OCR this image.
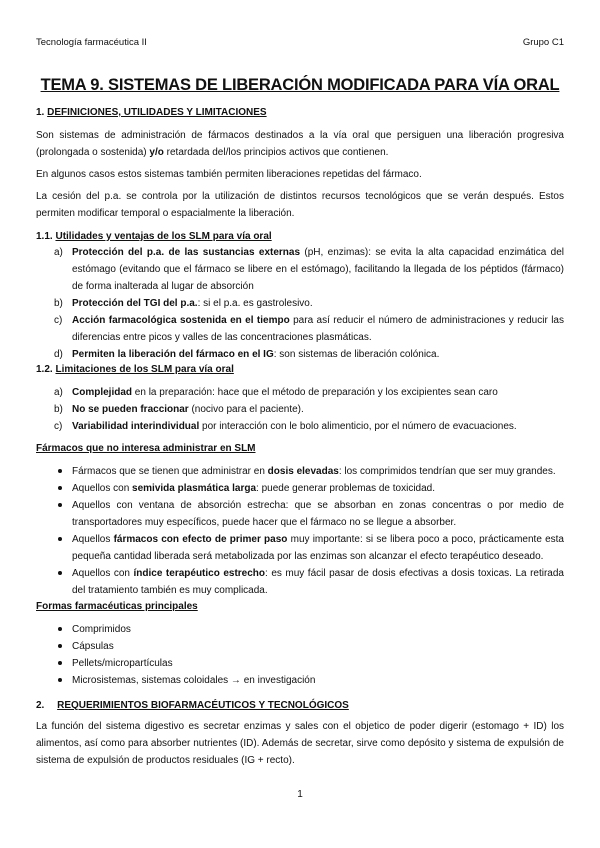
Tecnología farmacéutica II	Grupo C1
TEMA 9. SISTEMAS DE LIBERACIÓN MODIFICADA PARA VÍA ORAL
1. DEFINICIONES, UTILIDADES Y LIMITACIONES
Son sistemas de administración de fármacos destinados a la vía oral que persiguen una liberación progresiva (prolongada o sostenida) y/o retardada del/los principios activos que contienen.
En algunos casos estos sistemas también permiten liberaciones repetidas del fármaco.
La cesión del p.a. se controla por la utilización de distintos recursos tecnológicos que se verán después. Estos permiten modificar temporal o espacialmente la liberación.
1.1. Utilidades y ventajas de los SLM para vía oral
a) Protección del p.a. de las sustancias externas (pH, enzimas): se evita la alta capacidad enzimática del estómago (evitando que el fármaco se libere en el estómago), facilitando la llegada de los péptidos (fármaco) de forma inalterada al lugar de absorción
b) Protección del TGI del p.a.: si el p.a. es gastrolesivo.
c) Acción farmacológica sostenida en el tiempo para así reducir el número de administraciones y reducir las diferencias entre picos y valles de las concentraciones plasmáticas.
d) Permiten la liberación del fármaco en el IG: son sistemas de liberación colónica.
1.2. Limitaciones de los SLM para vía oral
a) Complejidad en la preparación: hace que el método de preparación y los excipientes sean caro
b) No se pueden fraccionar (nocivo para el paciente).
c) Variabilidad interindividual por interacción con le bolo alimenticio, por el número de evacuaciones.
Fármacos que no interesa administrar en SLM
Fármacos que se tienen que administrar en dosis elevadas: los comprimidos tendrían que ser muy grandes.
Aquellos con semivida plasmática larga: puede generar problemas de toxicidad.
Aquellos con ventana de absorción estrecha: que se absorban en zonas concentras o por medio de transportadores muy específicos, puede hacer que el fármaco no se llegue a absorber.
Aquellos fármacos con efecto de primer paso muy importante: si se libera poco a poco, prácticamente esta pequeña cantidad liberada será metabolizada por las enzimas son alcanzar el efecto terapéutico deseado.
Aquellos con índice terapéutico estrecho: es muy fácil pasar de dosis efectivas a dosis toxicas. La retirada del tratamiento también es muy complicada.
Formas farmacéuticas principales
Comprimidos
Cápsulas
Pellets/micropartículas
Microsistemas, sistemas coloidales → en investigación
2. REQUERIMIENTOS BIOFARMACÉUTICOS Y TECNOLÓGICOS
La función del sistema digestivo es secretar enzimas y sales con el objetico de poder digerir (estomago + ID) los alimentos, así como para absorber nutrientes (ID). Además de secretar, sirve como depósito y sistema de expulsión de sistema de expulsión de productos residuales (IG + recto).
1
